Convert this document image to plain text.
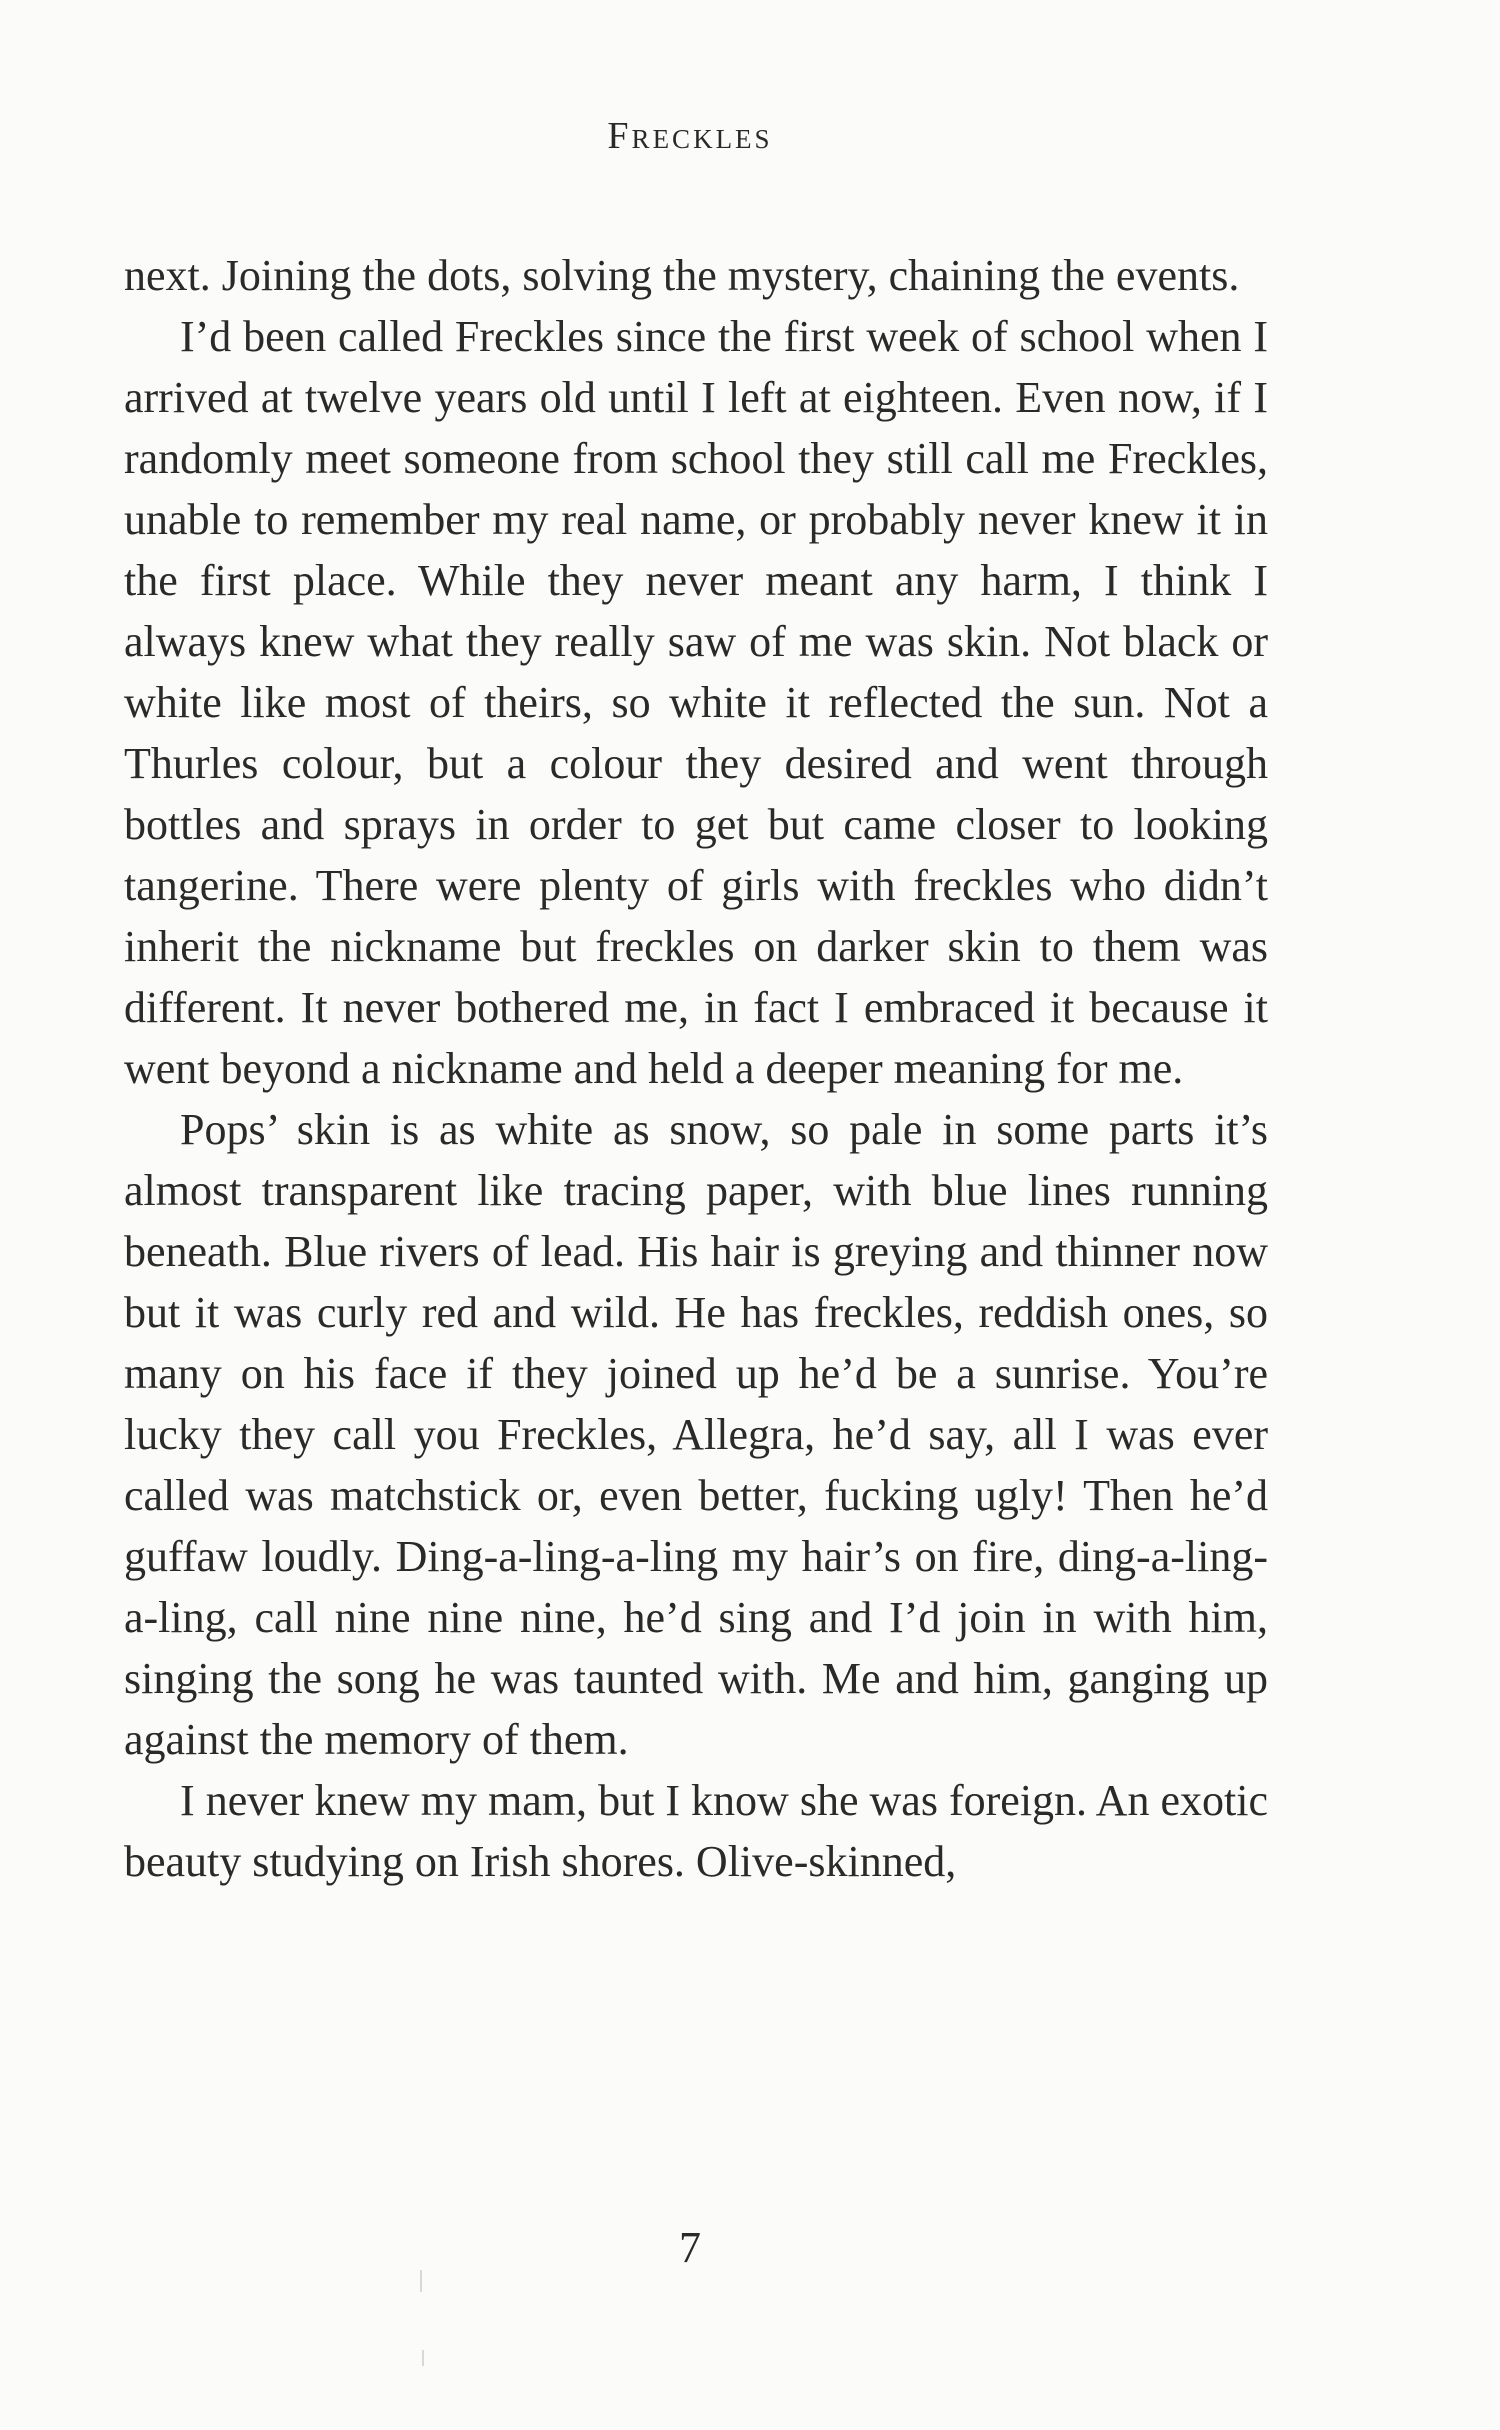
Freckles

next. Joining the dots, solving the mystery, chaining the events.

I’d been called Freckles since the first week of school when I arrived at twelve years old until I left at eighteen. Even now, if I randomly meet someone from school they still call me Freckles, unable to remember my real name, or probably never knew it in the first place. While they never meant any harm, I think I always knew what they really saw of me was skin. Not black or white like most of theirs, so white it reflected the sun. Not a Thurles colour, but a colour they desired and went through bottles and sprays in order to get but came closer to looking tangerine. There were plenty of girls with freckles who didn’t inherit the nickname but freckles on darker skin to them was different. It never bothered me, in fact I embraced it because it went beyond a nickname and held a deeper meaning for me.

Pops’ skin is as white as snow, so pale in some parts it’s almost transparent like tracing paper, with blue lines running beneath. Blue rivers of lead. His hair is greying and thinner now but it was curly red and wild. He has freckles, reddish ones, so many on his face if they joined up he’d be a sunrise. You’re lucky they call you Freckles, Allegra, he’d say, all I was ever called was matchstick or, even better, fucking ugly! Then he’d guffaw loudly. Ding-a-ling-a-ling my hair’s on fire, ding-a-ling-a-ling, call nine nine nine, he’d sing and I’d join in with him, singing the song he was taunted with. Me and him, ganging up against the memory of them.

I never knew my mam, but I know she was foreign. An exotic beauty studying on Irish shores. Olive-skinned,

7
